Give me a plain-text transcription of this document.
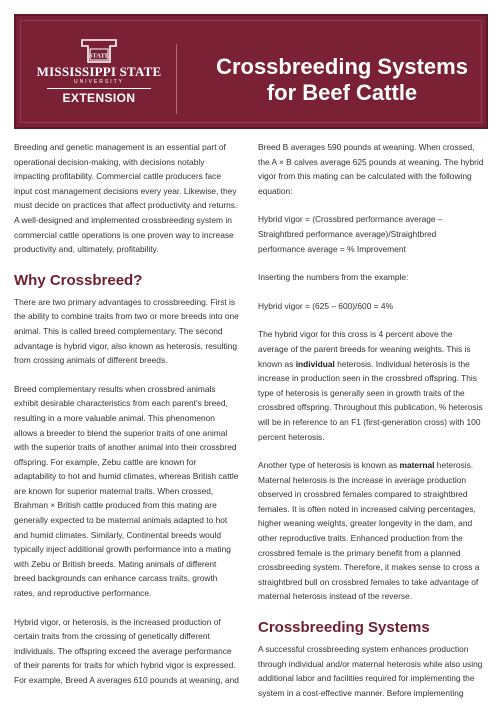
STATE
MISSISSIPPI STATE
UNIVERSITY
EXTENSION
Crossbreeding Systems
for Beef Cattle

Breeding and genetic management is an essential part of operational decision-making, with decisions notably impacting profitability. Commercial cattle producers face input cost management decisions every year. Likewise, they must decide on practices that affect productivity and returns. A well-designed and implemented crossbreeding system in commercial cattle operations is one proven way to increase productivity and, ultimately, profitability.

Why Crossbreed?

There are two primary advantages to crossbreeding. First is the ability to combine traits from two or more breeds into one animal. This is called breed complementary. The second advantage is hybrid vigor, also known as heterosis, resulting from crossing animals of different breeds.

Breed complementary results when crossbred animals exhibit desirable characteristics from each parent's breed, resulting in a more valuable animal. This phenomenon allows a breeder to blend the superior traits of one animal with the superior traits of another animal into their crossbred offspring. For example, Zebu cattle are known for adaptability to hot and humid climates, whereas British cattle are known for superior maternal traits. When crossed, Brahman × British cattle produced from this mating are generally expected to be maternal animals adapted to hot and humid climates. Similarly, Continental breeds would typically inject additional growth performance into a mating with Zebu or British breeds. Mating animals of different breed backgrounds can enhance carcass traits, growth rates, and reproductive performance.

Hybrid vigor, or heterosis, is the increased production of certain traits from the crossing of genetically different individuals. The offspring exceed the average performance of their parents for traits for which hybrid vigor is expressed. For example, Breed A averages 610 pounds at weaning, and

Breed B averages 590 pounds at weaning. When crossed, the A × B calves average 625 pounds at weaning. The hybrid vigor from this mating can be calculated with the following equation:

Hybrid vigor = (Crossbred performance average – Straightbred performance average)/Straightbred performance average = % Improvement

Inserting the numbers from the example:

Hybrid vigor = (625 – 600)/600 = 4%

The hybrid vigor for this cross is 4 percent above the average of the parent breeds for weaning weights. This is known as individual heterosis. Individual heterosis is the increase in production seen in the crossbred offspring. This type of heterosis is generally seen in growth traits of the crossbred offspring. Throughout this publication, % heterosis will be in reference to an F1 (first-generation cross) with 100 percent heterosis.

Another type of heterosis is known as maternal heterosis. Maternal heterosis is the increase in average production observed in crossbred females compared to straightbred females. It is often noted in increased calving percentages, higher weaning weights, greater longevity in the dam, and other reproductive traits. Enhanced production from the crossbred female is the primary benefit from a planned crossbreeding system. Therefore, it makes sense to cross a straightbred bull on crossbred females to take advantage of maternal heterosis instead of the reverse.

Crossbreeding Systems

A successful crossbreeding system enhances production through individual and/or maternal heterosis while also using additional labor and facilities required for implementing the system in a cost-effective manner. Before implementing
